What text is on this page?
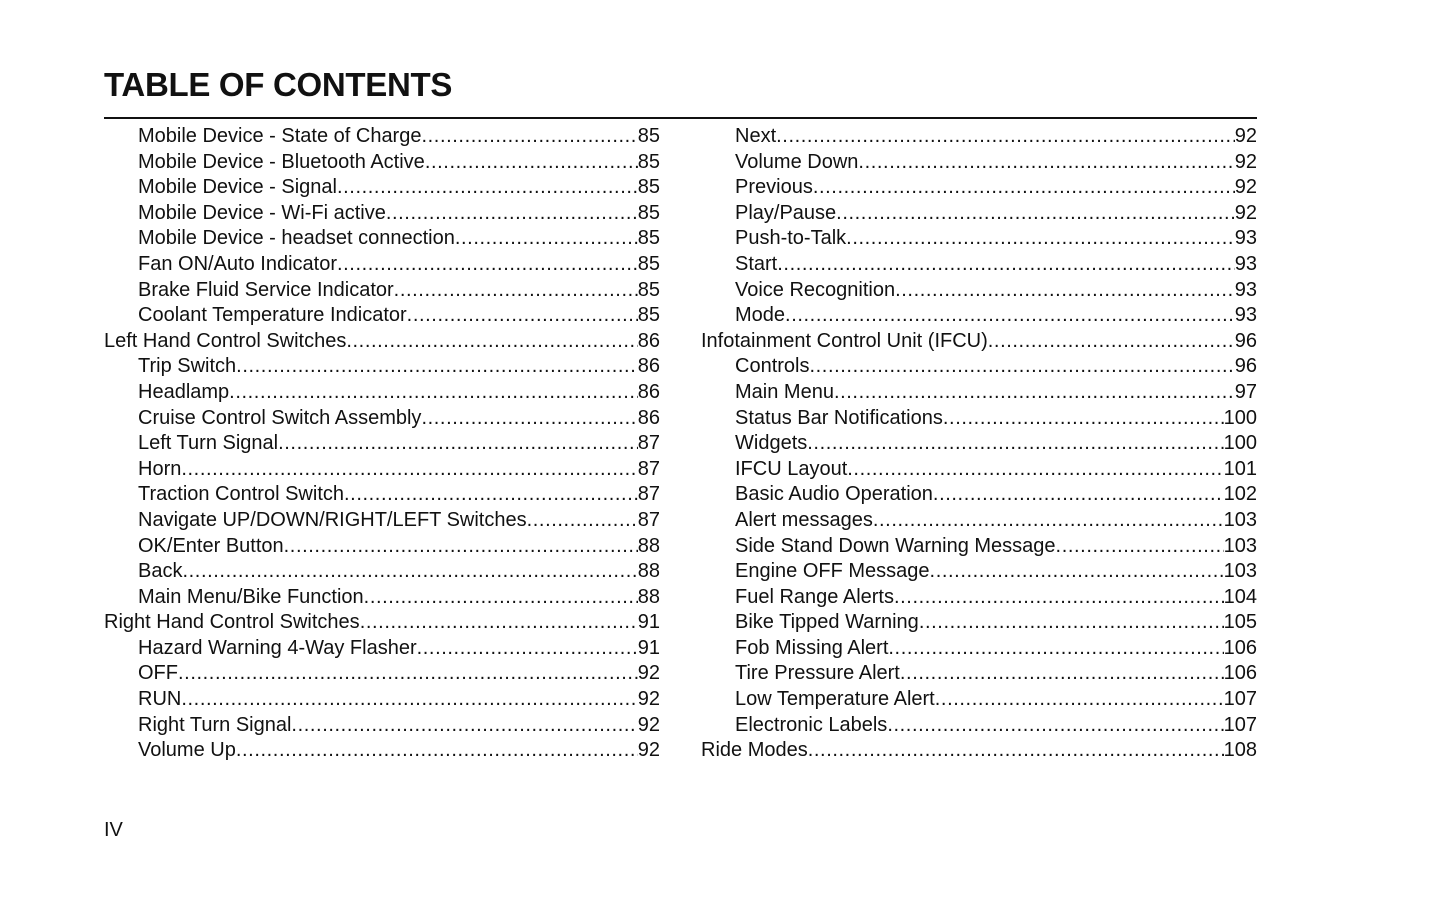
TABLE OF CONTENTS
Mobile Device - State of Charge .....	85
Mobile Device - Bluetooth Active .....	85
Mobile Device - Signal .....	85
Mobile Device - Wi-Fi active .....	85
Mobile Device - headset connection .....	85
Fan ON/Auto Indicator .....	85
Brake Fluid Service Indicator .....	85
Coolant Temperature Indicator .....	85
Left Hand Control Switches .....	86
Trip Switch .....	86
Headlamp .....	86
Cruise Control Switch Assembly .....	86
Left Turn Signal .....	87
Horn .....	87
Traction Control Switch .....	87
Navigate UP/DOWN/RIGHT/LEFT Switches .....	87
OK/Enter Button .....	88
Back .....	88
Main Menu/Bike Function .....	88
Right Hand Control Switches .....	91
Hazard Warning 4-Way Flasher .....	91
OFF .....	92
RUN .....	92
Right Turn Signal .....	92
Volume Up .....	92
Next .....	92
Volume Down .....	92
Previous .....	92
Play/Pause .....	92
Push-to-Talk .....	93
Start .....	93
Voice Recognition .....	93
Mode .....	93
Infotainment Control Unit (IFCU) .....	96
Controls .....	96
Main Menu .....	97
Status Bar Notifications .....	100
Widgets .....	100
IFCU Layout .....	101
Basic Audio Operation .....	102
Alert messages .....	103
Side Stand Down Warning Message .....	103
Engine OFF Message .....	103
Fuel Range Alerts .....	104
Bike Tipped Warning .....	105
Fob Missing Alert .....	106
Tire Pressure Alert .....	106
Low Temperature Alert .....	107
Electronic Labels .....	107
Ride Modes .....	108
IV
